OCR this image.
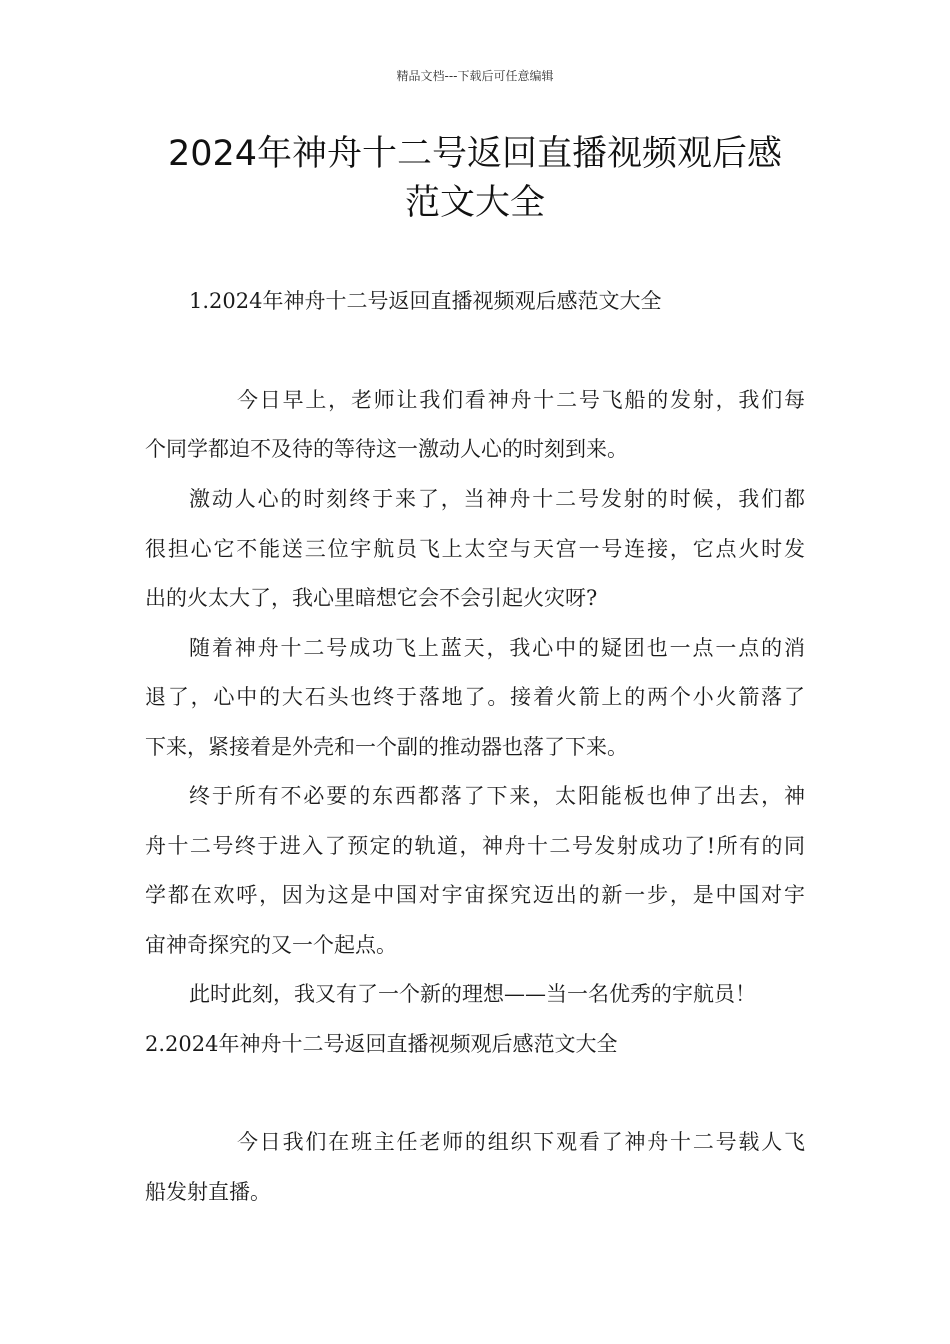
精品文档---下载后可任意编辑
2024年神舟十二号返回直播视频观后感
范文大全
1.2024年神舟十二号返回直播视频观后感范文大全
今日早上，老师让我们看神舟十二号飞船的发射，我们每
个同学都迫不及待的等待这一激动人心的时刻到来。
激动人心的时刻终于来了，当神舟十二号发射的时候，我们都
很担心它不能送三位宇航员飞上太空与天宫一号连接，它点火时发
出的火太大了，我心里暗想它会不会引起火灾呀?
随着神舟十二号成功飞上蓝天，我心中的疑团也一点一点的消
退了，心中的大石头也终于落地了。接着火箭上的两个小火箭落了
下来，紧接着是外壳和一个副的推动器也落了下来。
终于所有不必要的东西都落了下来，太阳能板也伸了出去，神
舟十二号终于进入了预定的轨道，神舟十二号发射成功了!所有的同
学都在欢呼，因为这是中国对宇宙探究迈出的新一步，是中国对宇
宙神奇探究的又一个起点。
此时此刻，我又有了一个新的理想——当一名优秀的宇航员！
2.2024年神舟十二号返回直播视频观后感范文大全
今日我们在班主任老师的组织下观看了神舟十二号载人飞
船发射直播。
